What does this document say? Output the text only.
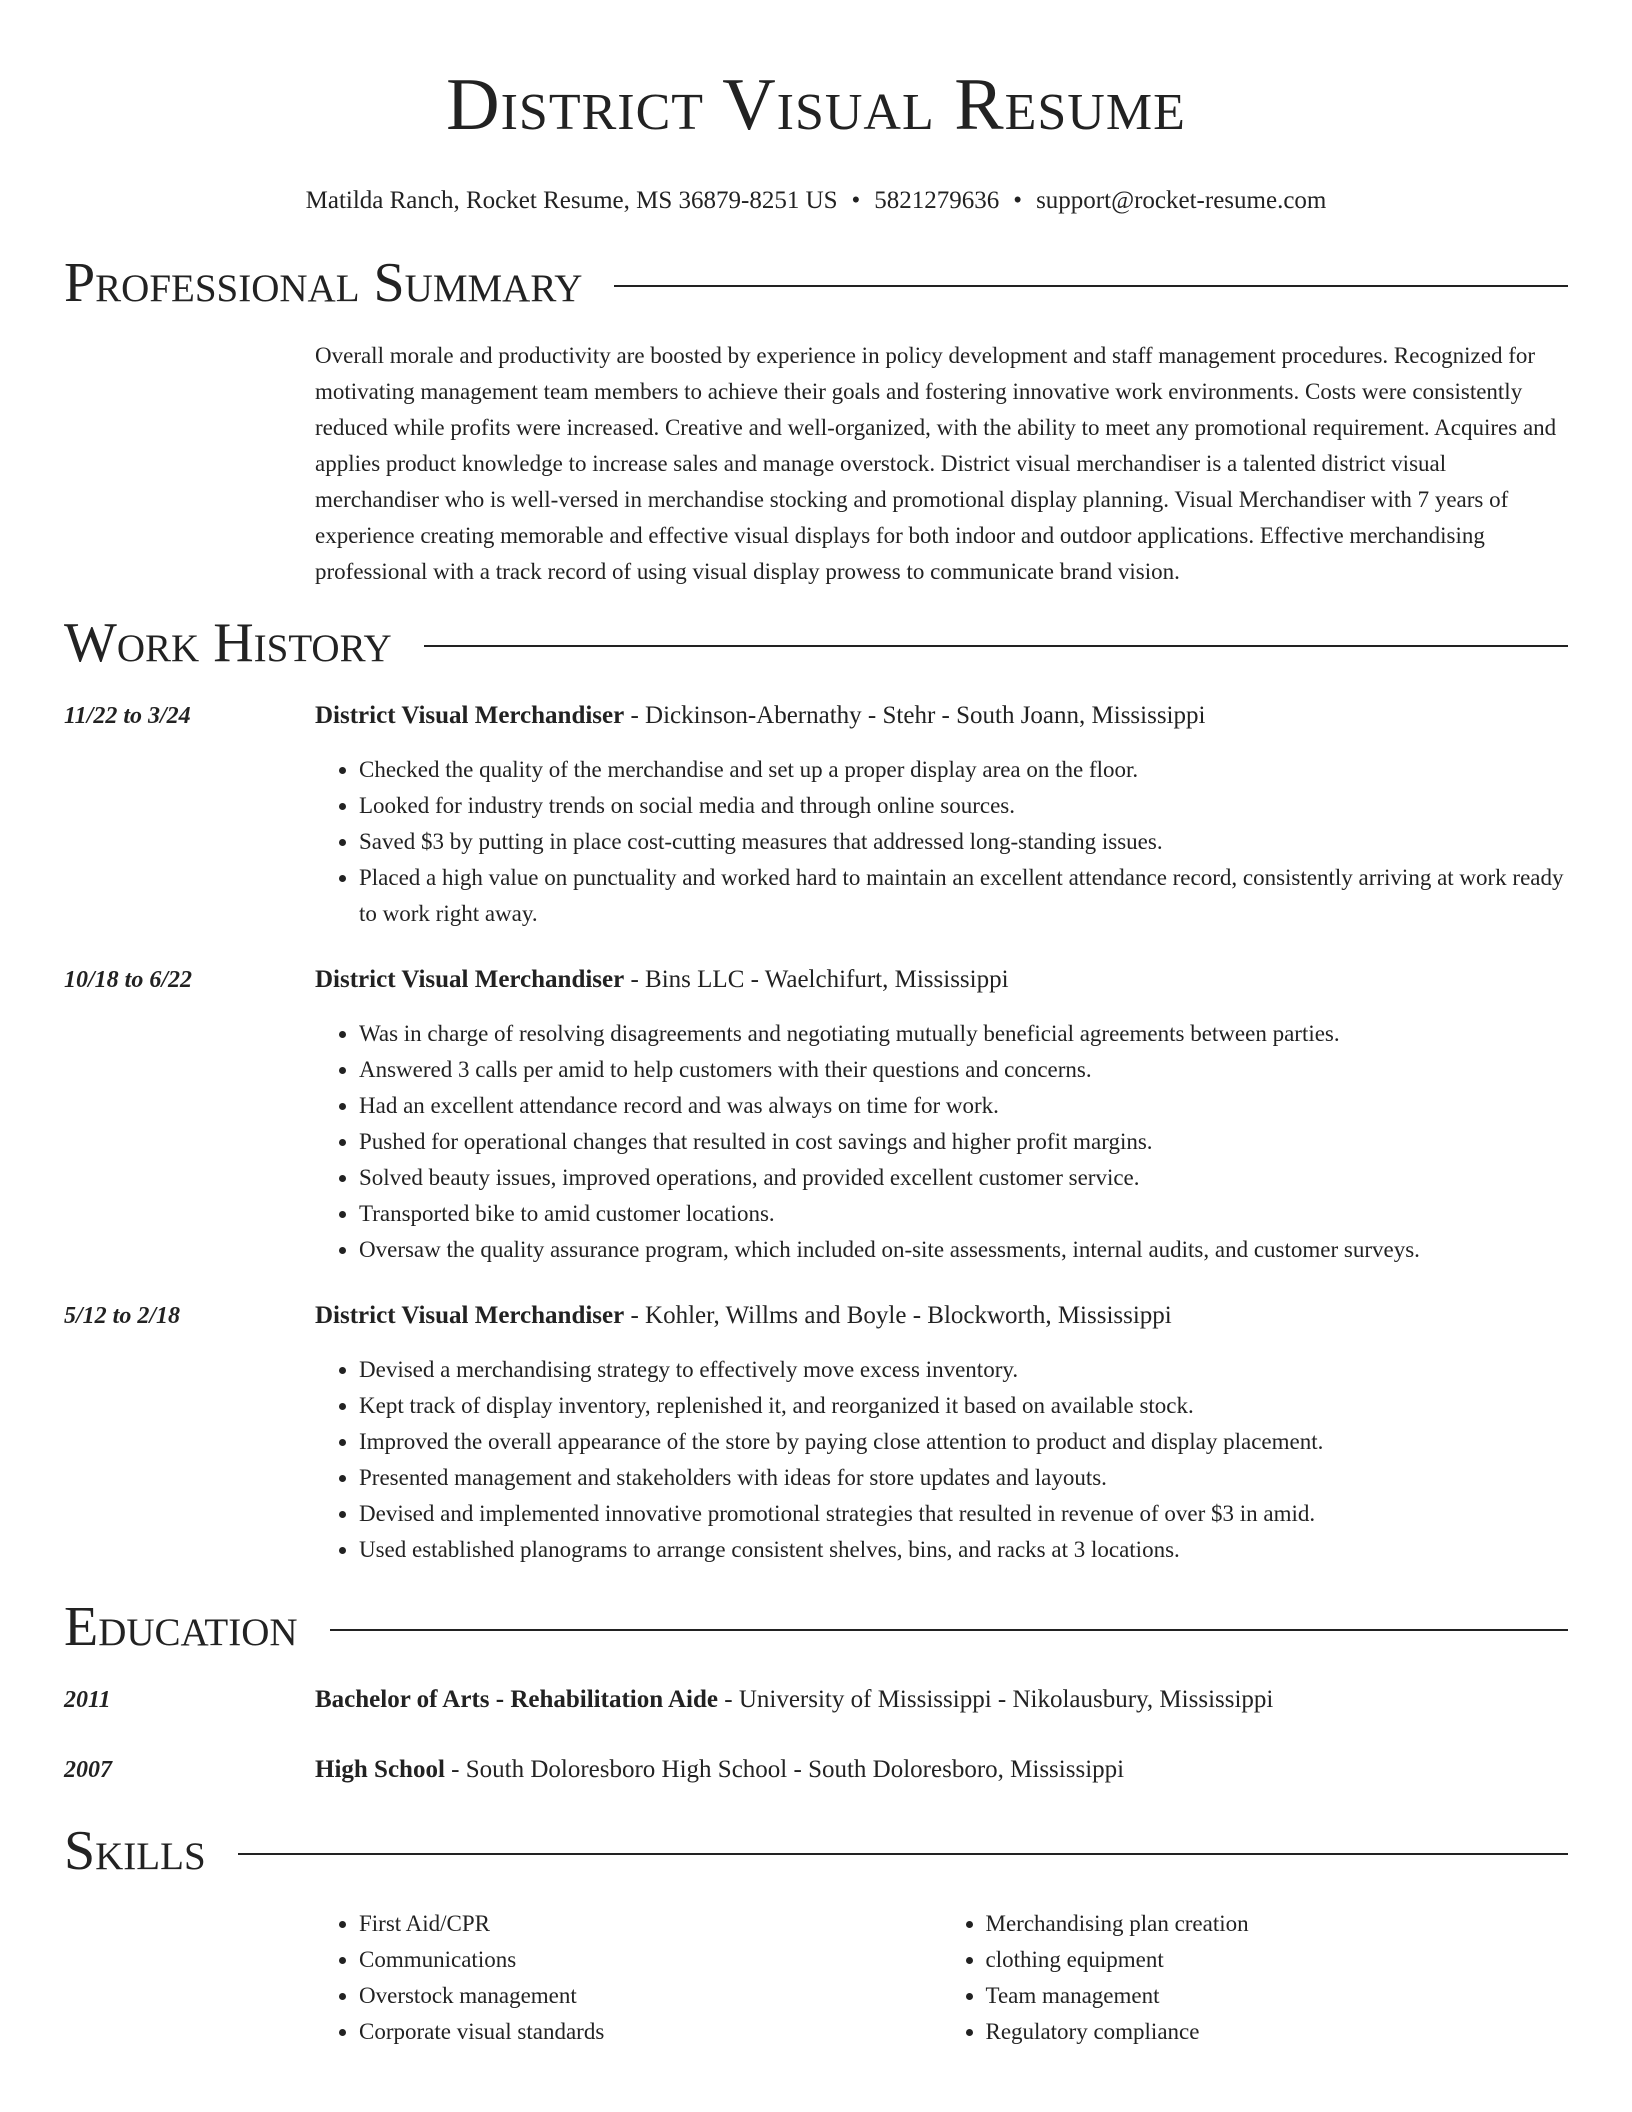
District Visual Resume
Matilda Ranch, Rocket Resume, MS 36879-8251 US • 5821279636 • support@rocket-resume.com
Professional Summary
Overall morale and productivity are boosted by experience in policy development and staff management procedures. Recognized for motivating management team members to achieve their goals and fostering innovative work environments. Costs were consistently reduced while profits were increased. Creative and well-organized, with the ability to meet any promotional requirement. Acquires and applies product knowledge to increase sales and manage overstock. District visual merchandiser is a talented district visual merchandiser who is well-versed in merchandise stocking and promotional display planning. Visual Merchandiser with 7 years of experience creating memorable and effective visual displays for both indoor and outdoor applications. Effective merchandising professional with a track record of using visual display prowess to communicate brand vision.
Work History
11/22 to 3/24	District Visual Merchandiser - Dickinson-Abernathy - Stehr - South Joann, Mississippi
• Checked the quality of the merchandise and set up a proper display area on the floor.
• Looked for industry trends on social media and through online sources.
• Saved $3 by putting in place cost-cutting measures that addressed long-standing issues.
• Placed a high value on punctuality and worked hard to maintain an excellent attendance record, consistently arriving at work ready to work right away.
10/18 to 6/22	District Visual Merchandiser - Bins LLC - Waelchifurt, Mississippi
• Was in charge of resolving disagreements and negotiating mutually beneficial agreements between parties.
• Answered 3 calls per amid to help customers with their questions and concerns.
• Had an excellent attendance record and was always on time for work.
• Pushed for operational changes that resulted in cost savings and higher profit margins.
• Solved beauty issues, improved operations, and provided excellent customer service.
• Transported bike to amid customer locations.
• Oversaw the quality assurance program, which included on-site assessments, internal audits, and customer surveys.
5/12 to 2/18	District Visual Merchandiser - Kohler, Willms and Boyle - Blockworth, Mississippi
• Devised a merchandising strategy to effectively move excess inventory.
• Kept track of display inventory, replenished it, and reorganized it based on available stock.
• Improved the overall appearance of the store by paying close attention to product and display placement.
• Presented management and stakeholders with ideas for store updates and layouts.
• Devised and implemented innovative promotional strategies that resulted in revenue of over $3 in amid.
• Used established planograms to arrange consistent shelves, bins, and racks at 3 locations.
Education
2011	Bachelor of Arts - Rehabilitation Aide - University of Mississippi - Nikolausbury, Mississippi
2007	High School - South Doloresboro High School - South Doloresboro, Mississippi
Skills
• First Aid/CPR
• Communications
• Overstock management
• Corporate visual standards
• Merchandising plan creation
• clothing equipment
• Team management
• Regulatory compliance
